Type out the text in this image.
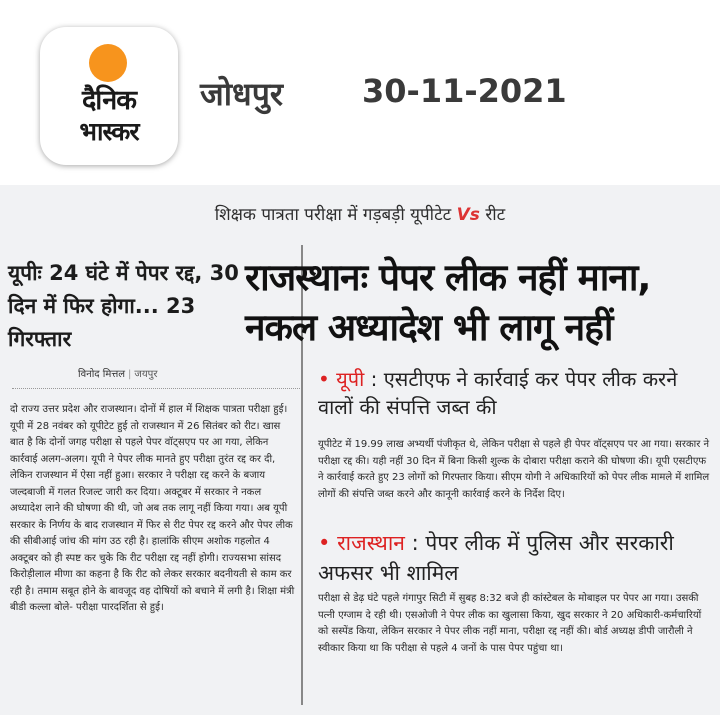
दैनिक
भास्कर
जोधपुर 30-11-2021
शिक्षक पात्रता परीक्षा में गड़बड़ी यूपीटेट Vs रीट
यूपीः 24 घंटे में पेपर रद्द, 30 दिन में फिर होगा... 23 गिरफ्तार
विनोद मित्तल | जयपुर
राजस्थानः पेपर लीक नहीं माना,
नकल अध्यादेश भी लागू नहीं
दो राज्य उत्तर प्रदेश और राजस्थान। दोनों में हाल में शिक्षक पात्रता परीक्षा हुई। यूपी में 28 नवंबर को यूपीटेट हुई तो राजस्थान में 26 सितंबर को रीट। खास बात है कि दोनों जगह परीक्षा से पहले पेपर वॉट्सएप पर आ गया, लेकिन कार्रवाई अलग-अलग। यूपी ने पेपर लीक मानते हुए परीक्षा तुरंत रद्द कर दी, लेकिन राजस्थान में ऐसा नहीं हुआ। सरकार ने परीक्षा रद्द करने के बजाय जल्दबाजी में गलत रिजल्ट जारी कर दिया। अक्टूबर में सरकार ने नकल अध्यादेश लाने की घोषणा की थी, जो अब तक लागू नहीं किया गया। अब यूपी सरकार के निर्णय के बाद राजस्थान में फिर से रीट पेपर रद्द करने और पेपर लीक की सीबीआई जांच की मांग उठ रही है। हालांकि सीएम अशोक गहलोत 4 अक्टूबर को ही स्पष्ट कर चुके कि रीट परीक्षा रद्द नहीं होगी। राज्यसभा सांसद किरोड़ीलाल मीणा का कहना है कि रीट को लेकर सरकार बदनीयती से काम कर रही है। तमाम सबूत होने के बावजूद वह दोषियों को बचाने में लगी है। शिक्षा मंत्री बीडी कल्ला बोले- परीक्षा पारदर्शिता से हुई।
• यूपी : एसटीएफ ने कार्रवाई कर पेपर लीक करने वालों की संपत्ति जब्त की
यूपीटेट में 19.99 लाख अभ्यर्थी पंजीकृत थे, लेकिन परीक्षा से पहले ही पेपर वॉट्सएप पर आ गया। सरकार ने परीक्षा रद्द की। यही नहीं 30 दिन में बिना किसी शुल्क के दोबारा परीक्षा कराने की घोषणा की। यूपी एसटीएफ ने कार्रवाई करते हुए 23 लोगों को गिरफ्तार किया। सीएम योगी ने अधिकारियों को पेपर लीक मामले में शामिल लोगों की संपत्ति जब्त करने और कानूनी कार्रवाई करने के निर्देश दिए।
• राजस्थान : पेपर लीक में पुलिस और सरकारी अफसर भी शामिल
परीक्षा से डेढ़ घंटे पहले गंगापुर सिटी में सुबह 8:32 बजे ही कांस्टेबल के मोबाइल पर पेपर आ गया। उसकी पत्नी एग्जाम दे रही थी। एसओजी ने पेपर लीक का खुलासा किया, खुद सरकार ने 20 अधिकारी-कर्मचारियों को सस्पेंड किया, लेकिन सरकार ने पेपर लीक नहीं माना, परीक्षा रद्द नहीं की। बोर्ड अध्यक्ष डीपी जारौली ने स्वीकार किया था कि परीक्षा से पहले 4 जनों के पास पेपर पहुंचा था।
